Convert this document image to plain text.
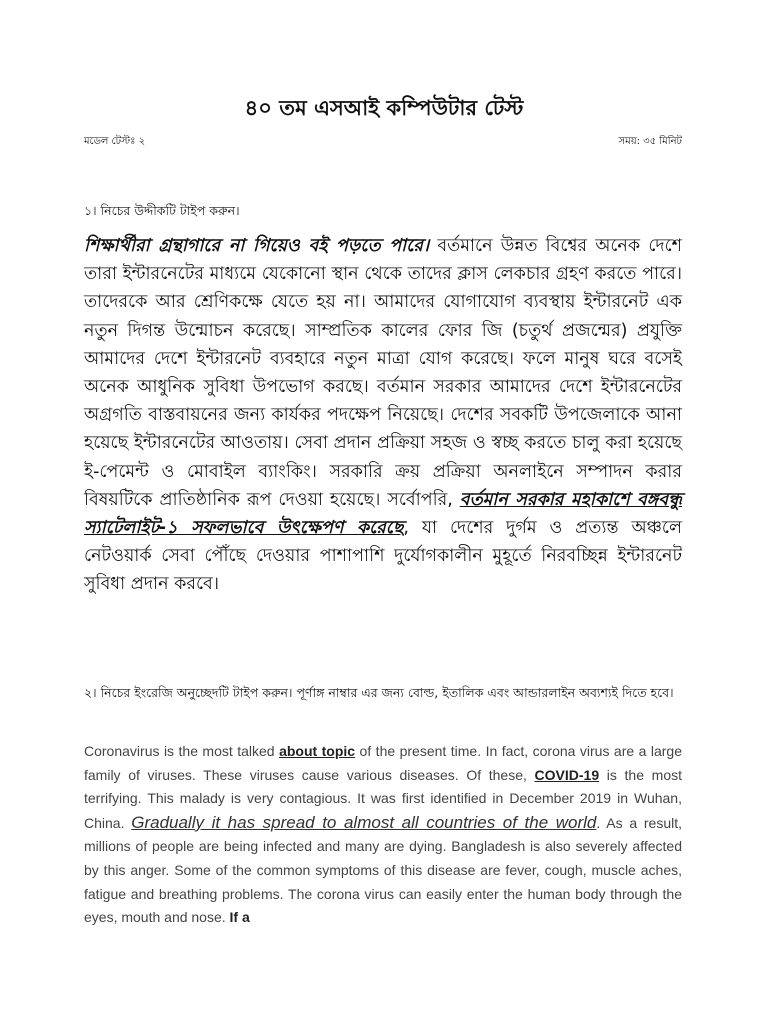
৪০ তম এসআই কম্পিউটার টেস্ট
মডেল টেস্টঃ ২	সময়: ৩৫ মিনিট
১। নিচের উদ্দীকটি টাইপ করুন।

শিক্ষার্থীরা গ্রন্থাগারে না গিয়েও বই পড়তে পারে। বর্তমানে উন্নত বিশ্বের অনেক দেশে তারা ইন্টারনেটের মাধ্যমে যেকোনো স্থান থেকে তাদের ক্লাস লেকচার গ্রহণ করতে পারে। তাদেরকে আর শ্রেণিকক্ষে যেতে হয় না। আমাদের যোগাযোগ ব্যবস্থায় ইন্টারনেট এক নতুন দিগন্ত উন্মোচন করেছে। সাম্প্রতিক কালের ফোর জি (চতুর্থ প্রজন্মের) প্রযুক্তি আমাদের দেশে ইন্টারনেট ব্যবহারে নতুন মাত্রা যোগ করেছে। ফলে মানুষ ঘরে বসেই অনেক আধুনিক সুবিধা উপভোগ করছে। বর্তমান সরকার আমাদের দেশে ইন্টারনেটের অগ্রগতি বাস্তবায়নের জন্য কার্যকর পদক্ষেপ নিয়েছে। দেশের সবকটি উপজেলাকে আনা হয়েছে ইন্টারনেটের আওতায়। সেবা প্রদান প্রক্রিয়া সহজ ও স্বচ্ছ করতে চালু করা হয়েছে ই-পেমেন্ট ও মোবাইল ব্যাংকিং। সরকারি ক্রয় প্রক্রিয়া অনলাইনে সম্পাদন করার বিষয়টিকে প্রাতিষ্ঠানিক রূপ দেওয়া হয়েছে। সর্বোপরি, বর্তমান সরকার মহাকাশে বঙ্গবন্ধু স্যাটেলাইট-১ সফলভাবে উৎক্ষেপণ করেছে, যা দেশের দুর্গম ও প্রত্যন্ত অঞ্চলে নেটওয়ার্ক সেবা পৌঁছে দেওয়ার পাশাপাশি দুর্যোগকালীন মুহূর্তে নিরবচ্ছিন্ন ইন্টারনেট সুবিধা প্রদান করবে।

২। নিচের ইংরেজি অনুচ্ছেদটি টাইপ করুন। পূর্ণাঙ্গ নাম্বার এর জন্য বোল্ড, ইতালিক এবং আন্ডারলাইন অব্যশ্যই দিতে হবে।

Coronavirus is the most talked about topic of the present time. In fact, corona virus are a large family of viruses. These viruses cause various diseases. Of these, COVID-19 is the most terrifying. This malady is very contagious. It was first identified in December 2019 in Wuhan, China. Gradually it has spread to almost all countries of the world. As a result, millions of people are being infected and many are dying. Bangladesh is also severely affected by this anger. Some of the common symptoms of this disease are fever, cough, muscle aches, fatigue and breathing problems. The corona virus can easily enter the human body through the eyes, mouth and nose. If a
